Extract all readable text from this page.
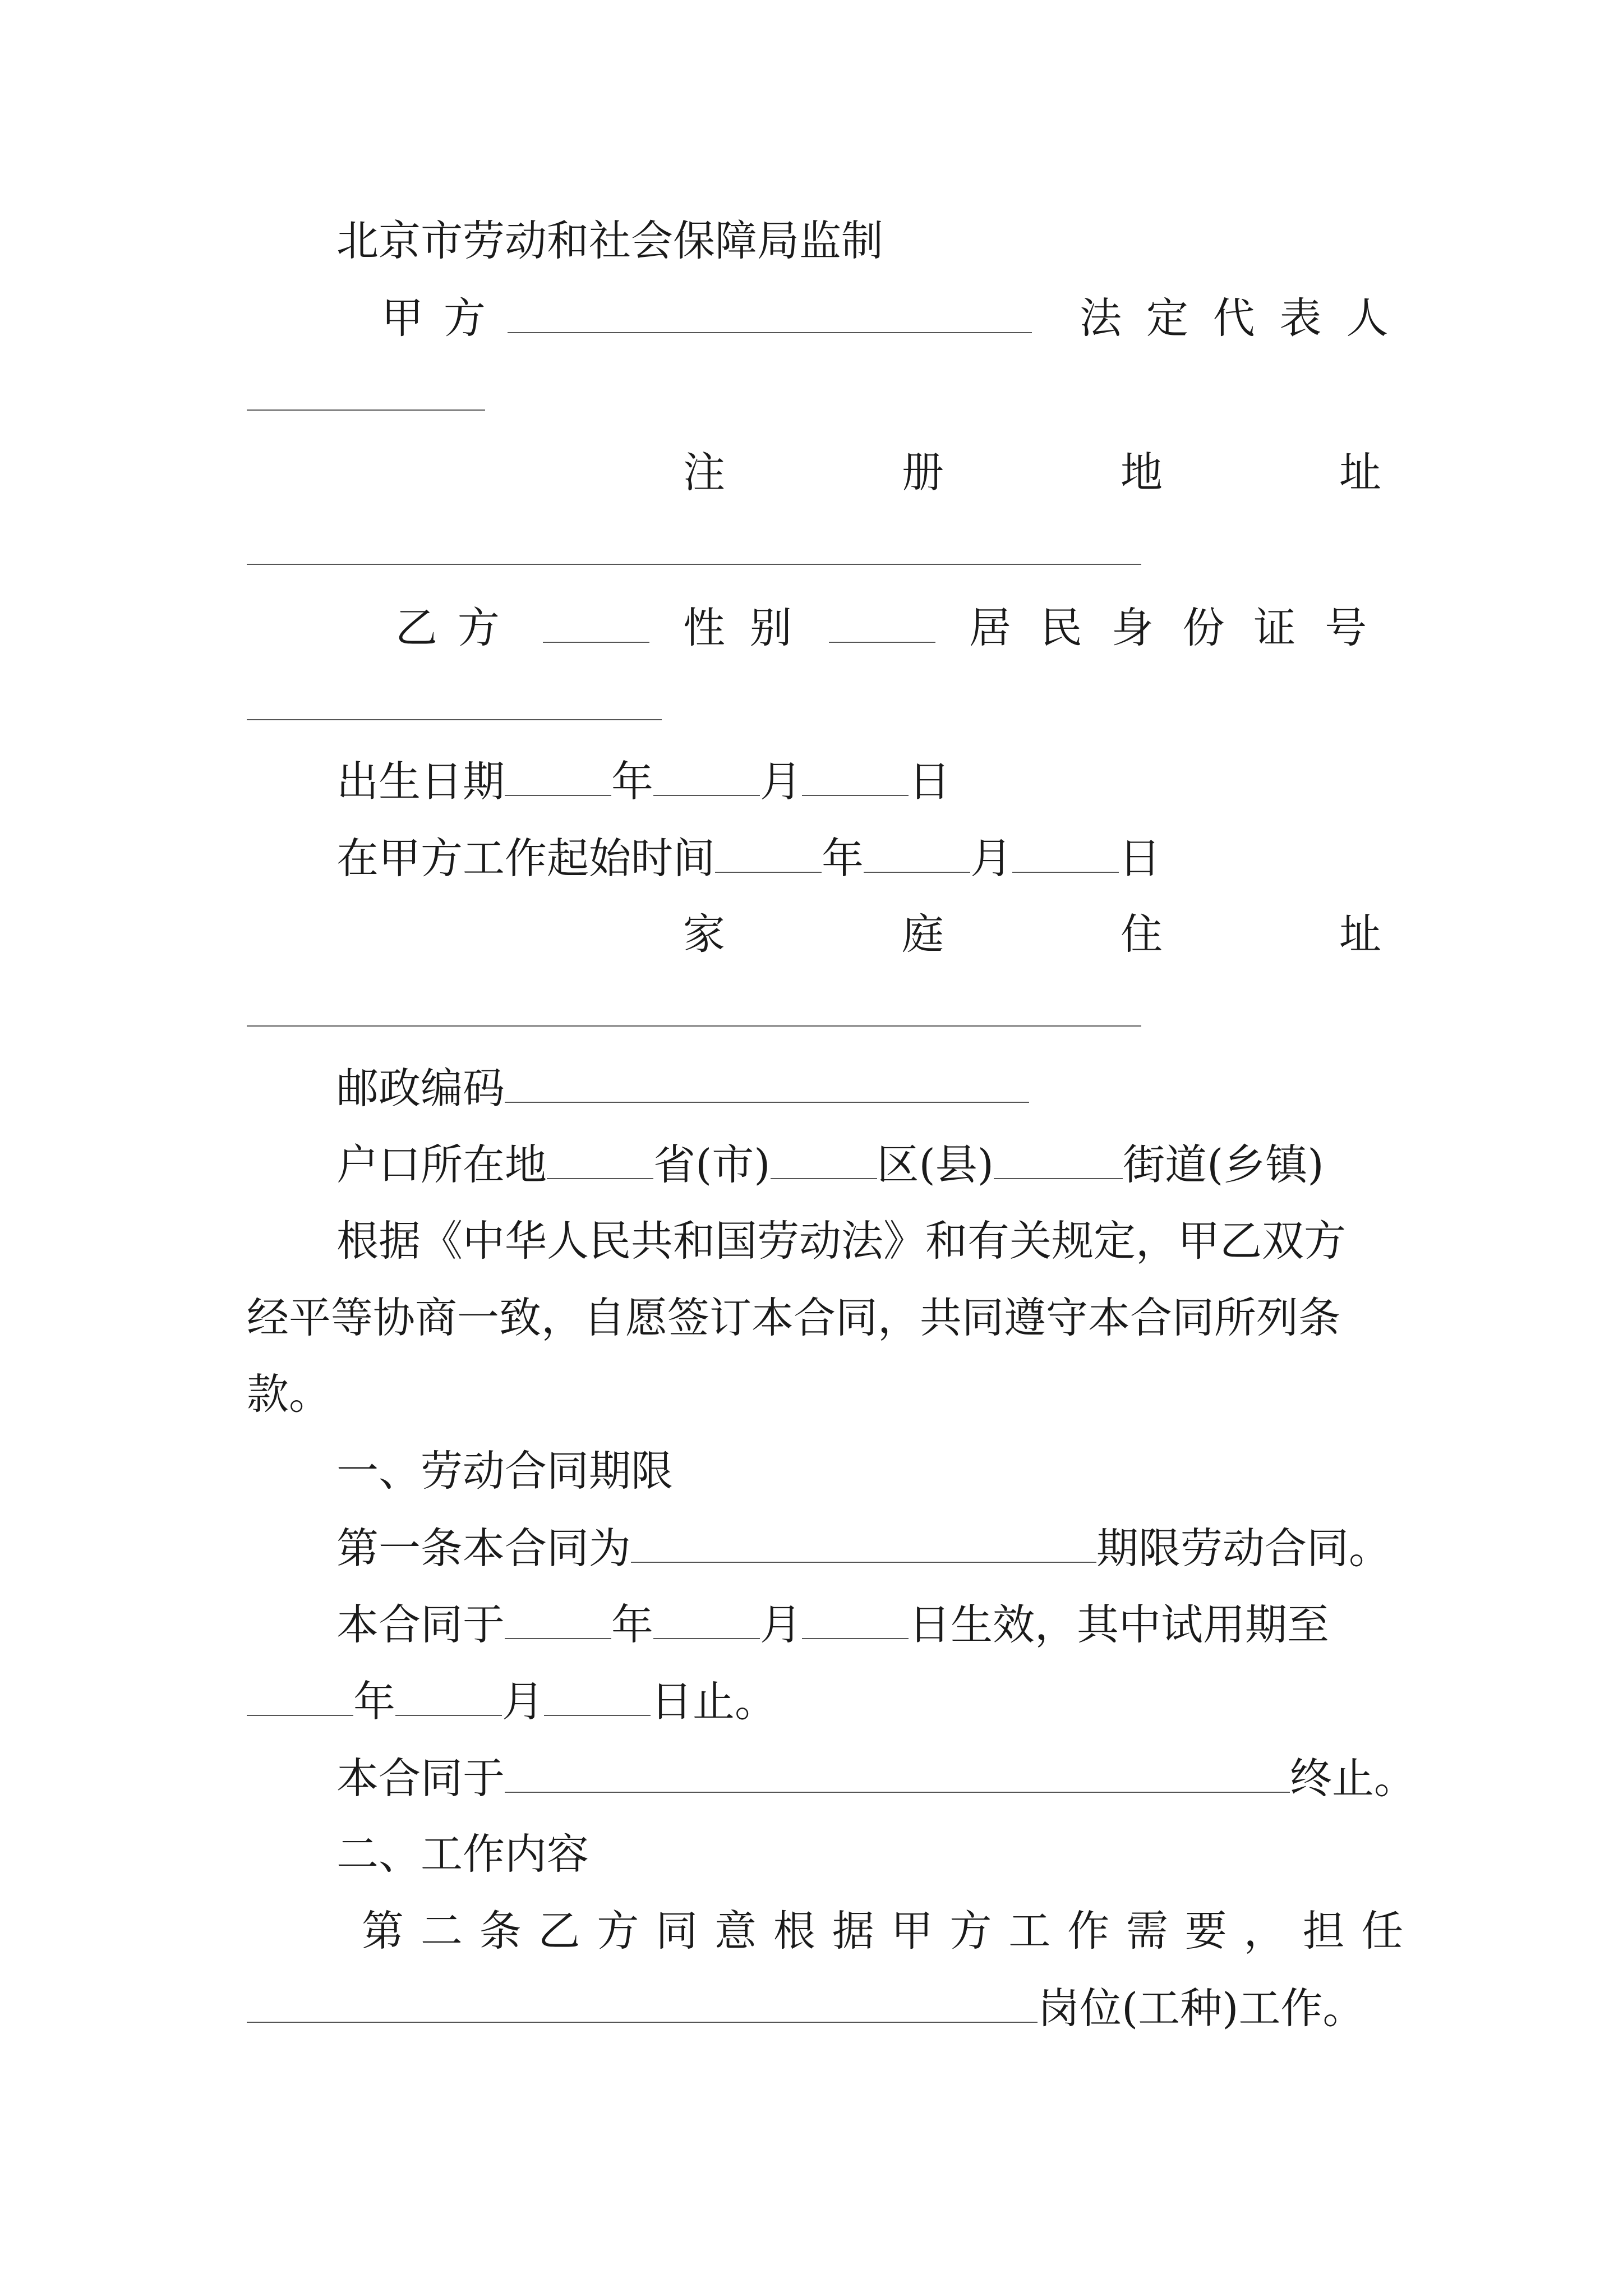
北京市劳动和社会保障局监制
甲 方	法 定 代 表 人
注	册	地	址
乙 方	性 别	居 民 身 份 证 号
出生日期	年	月	日
在甲方工作起始时间	年	月	日
家	庭	住	址
邮政编码
户口所在地	省(市)	区(县)	街道(乡镇)
根据《中华人民共和国劳动法》和有关规定，甲乙双方
经平等协商一致，自愿签订本合同，共同遵守本合同所列条
款。
一、劳动合同期限
第一条本合同为	期限劳动合同。
本合同于	年	月	日生效，其中试用期至
年	月	日止。
本合同于	终止。
二、工作内容
第 二 条 乙 方 同 意 根 据 甲 方 工 作 需 要 ， 担 任
岗位(工种)工作。
